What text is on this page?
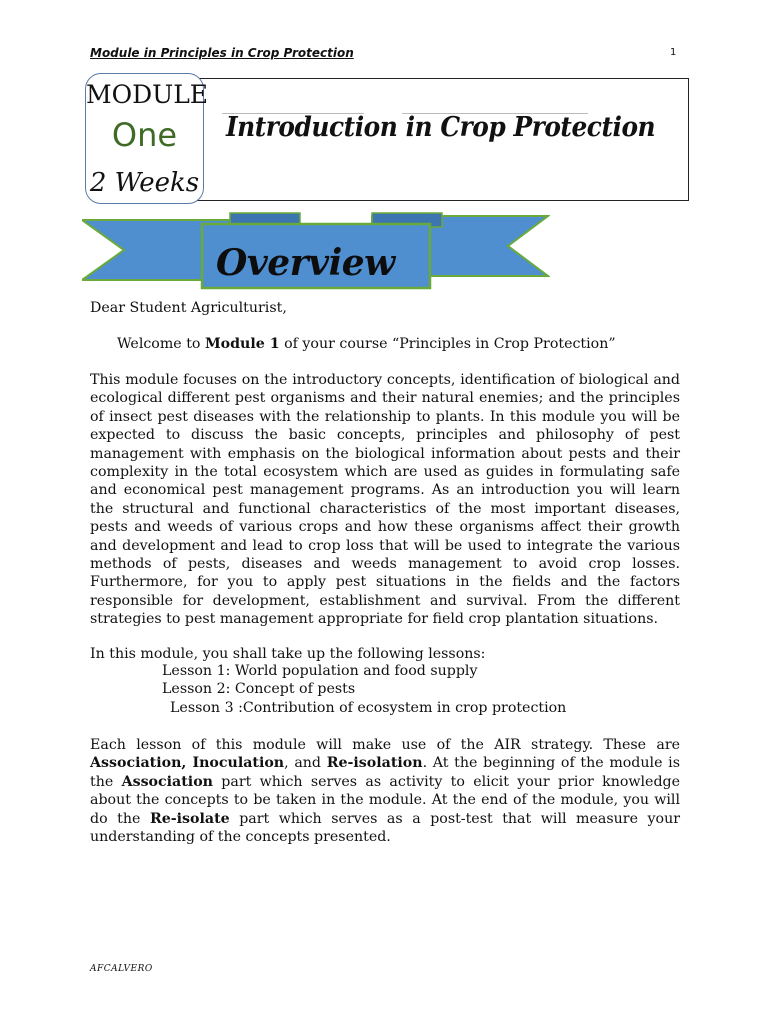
Module in Principles in Crop Protection	1
Introduction in Crop Protection
MODULE
One
2 Weeks
Overview
Dear Student Agriculturist,
Welcome to Module 1 of your course “Principles in Crop Protection”

This module focuses on the introductory concepts, identification of biological and ecological different pest organisms and their natural enemies; and the principles of insect pest diseases with the relationship to plants. In this module you will be expected to discuss the basic concepts, principles and philosophy of pest management with emphasis on the biological information about pests and their complexity in the total ecosystem which are used as guides in formulating safe and economical pest management programs. As an introduction you will learn the structural and functional characteristics of the most important diseases, pests and weeds of various crops and how these organisms affect their growth and development and lead to crop loss that will be used to integrate the various methods of pests, diseases and weeds management to avoid crop losses. Furthermore, for you to apply pest situations in the fields and the factors responsible for development, establishment and survival. From the different strategies to pest management appropriate for field crop plantation situations.

In this module, you shall take up the following lessons:
Lesson 1: World population and food supply
Lesson 2: Concept of pests
Lesson 3 :Contribution of ecosystem in crop protection

Each lesson of this module will make use of the AIR strategy. These are Association, Inoculation, and Re-isolation. At the beginning of the module is the Association part which serves as activity to elicit your prior knowledge about the concepts to be taken in the module. At the end of the module, you will do the Re-isolate part which serves as a post-test that will measure your understanding of the concepts presented.

AFCALVERO
